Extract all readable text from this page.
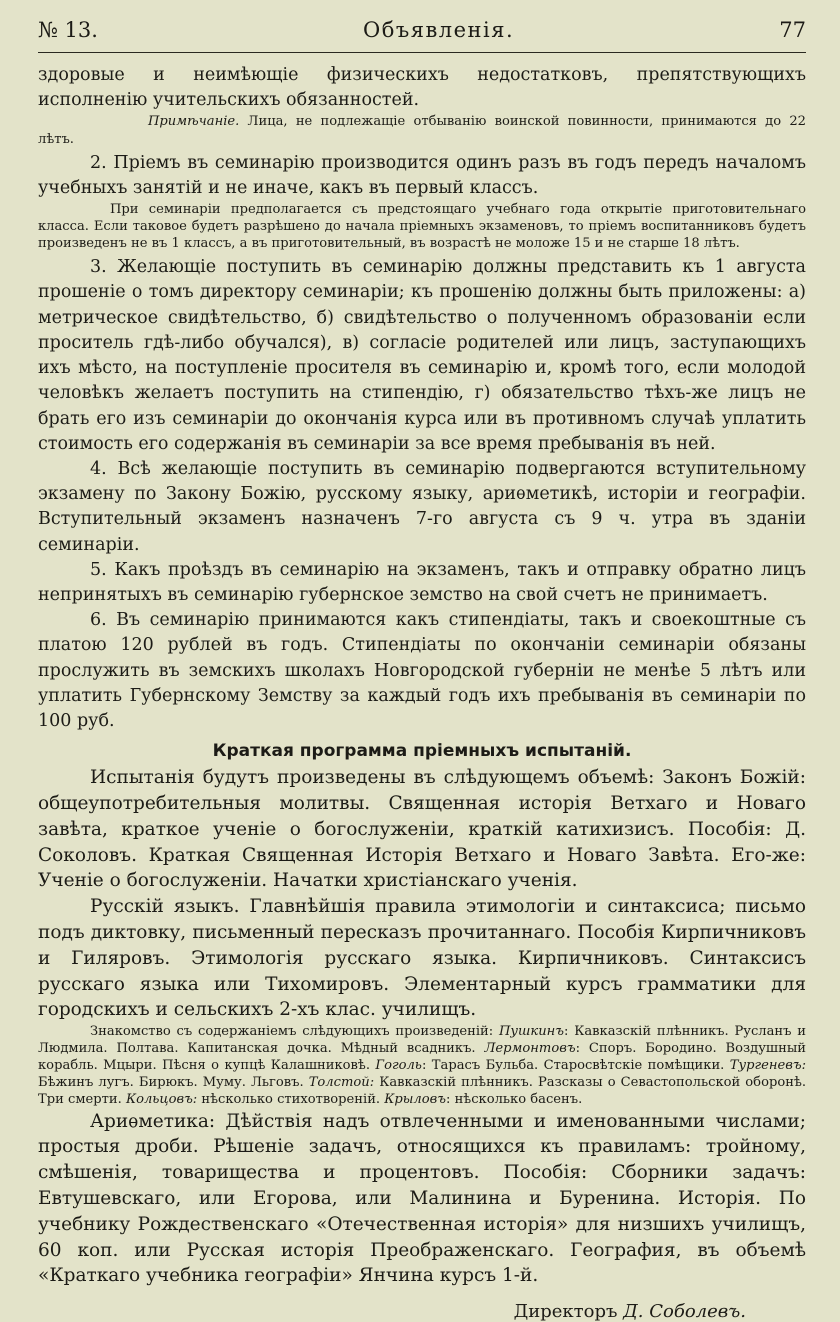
№ 13.	Объявленія.	77

здоровые и неимѣющіе физическихъ недостатковъ, препятствующихъ исполненію учительскихъ обязанностей.

Примѣчаніе. Лица, не подлежащіе отбыванію воинской повинности, принимаются до 22 лѣтъ.

2. Пріемъ въ семинарію производится одинъ разъ въ годъ передъ началомъ учебныхъ занятій и не иначе, какъ въ первый классъ.

При семинаріи предполагается съ предстоящаго учебнаго года открытіе приготовительнаго класса. Если таковое будетъ разрѣшено до начала пріемныхъ экзаменовъ, то пріемъ воспитанниковъ будетъ произведенъ не въ 1 классъ, а въ приготовительный, въ возрастѣ не моложе 15 и не старше 18 лѣтъ.

3. Желающіе поступить въ семинарію должны представить къ 1 августа прошеніе о томъ директору семинаріи; къ прошенію должны быть приложены: а) метрическое свидѣтельство, б) свидѣтельство о полученномъ образованіи если проситель гдѣ-либо обучался), в) согласіе родителей или лицъ, заступающихъ ихъ мѣсто, на поступленіе просителя въ семинарію и, кромѣ того, если молодой человѣкъ желаетъ поступить на стипендію, г) обязательство тѣхъ-же лицъ не брать его изъ семинаріи до окончанія курса или въ противномъ случаѣ уплатить стоимость его содержанія въ семинаріи за все время пребыванія въ ней.

4. Всѣ желающіе поступить въ семинарію подвергаются вступительному экзамену по Закону Божію, русскому языку, ариѳметикѣ, исторіи и географіи. Вступительный экзаменъ назначенъ 7-го августа съ 9 ч. утра въ зданіи семинаріи.

5. Какъ проѣздъ въ семинарію на экзаменъ, такъ и отправку обратно лицъ непринятыхъ въ семинарію губернское земство на свой счетъ не принимаетъ.

6. Въ семинарію принимаются какъ стипендіаты, такъ и своекоштные съ платою 120 рублей въ годъ. Стипендіаты по окончаніи семинаріи обязаны прослужить въ земскихъ школахъ Новгородской губерніи не менѣе 5 лѣтъ или уплатить Губернскому Земству за каждый годъ ихъ пребыванія въ семинаріи по 100 руб.

Краткая программа пріемныхъ испытаній.

Испытанія будутъ произведены въ слѣдующемъ объемѣ: Законъ Божій: общеупотребительныя молитвы. Священная исторія Ветхаго и Новаго завѣта, краткое ученіе о богослуженіи, краткій катихизисъ. Пособія: Д. Соколовъ. Краткая Священная Исторія Ветхаго и Новаго Завѣта. Его-же: Ученіе о богослуженіи. Начатки христіанскаго ученія.

Русскій языкъ. Главнѣйшія правила этимологіи и синтаксиса; письмо подъ диктовку, письменный пересказъ прочитаннаго. Пособія Кирпичниковъ и Гиляровъ. Этимологія русскаго языка. Кирпичниковъ. Синтаксисъ русскаго языка или Тихомировъ. Элементарный курсъ грамматики для городскихъ и сельскихъ 2-хъ клас. училищъ.

Знакомство съ содержаніемъ слѣдующихъ произведеній: Пушкинъ: Кавказскій плѣнникъ. Русланъ и Людмила. Полтава. Капитанская дочка. Мѣдный всадникъ. Лермонтовъ: Споръ. Бородино. Воздушный корабль. Мцыри. Пѣсня о купцѣ Калашниковѣ. Гоголь: Тарасъ Бульба. Старосвѣтскіе помѣщики. Тургеневъ: Бѣжинъ лугъ. Бирюкъ. Муму. Льговъ. Толстой: Кавказскій плѣнникъ. Разсказы о Севастопольской оборонѣ. Три смерти. Кольцовъ: нѣсколько стихотвореній. Крыловъ: нѣсколько басенъ.

Ариѳметика: Дѣйствія надъ отвлеченными и именованными числами; простыя дроби. Рѣшеніе задачъ, относящихся къ правиламъ: тройному, смѣшенія, товарищества и процентовъ. Пособія: Сборники задачъ: Евтушевскаго, или Егорова, или Малинина и Буренина. Исторія. По учебнику Рождественскаго «Отечественная исторія» для низшихъ училищъ, 60 коп. или Русская исторія Преображенскаго. География, въ объемѣ «Краткаго учебника географіи» Янчина курсъ 1-й.

Директоръ Д. Соболевъ.
